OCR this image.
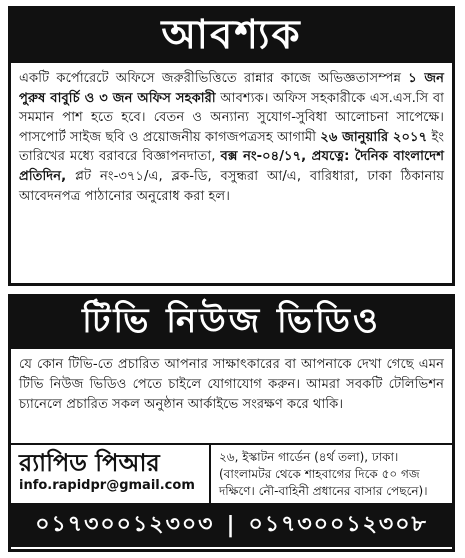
আবশ্যক
একটি কর্পোরেটে অফিসে জরুরীভিত্তিতে রান্নার কাজে অভিজ্ঞতাসম্পন্ন ১ জন পুরুষ বাবুর্চি ও ৩ জন অফিস সহকারী আবশ্যক। অফিস সহকারীকে এস.এস.সি বা সমমান পাশ হতে হবে। বেতন ও অন্যান্য সুযোগ-সুবিধা আলোচনা সাপেক্ষে। পাসপোর্ট সাইজ ছবি ও প্রয়োজনীয় কাগজপত্রসহ আগামী ২৬ জানুয়ারি ২০১৭ ইং তারিখের মধ্যে বরাবরে বিজ্ঞাপনদাতা, বক্স নং-০৪/১৭, প্রযত্নে: দৈনিক বাংলাদেশ প্রতিদিন, প্লট নং-৩৭১/এ, ব্লক-ডি, বসুন্ধরা আ/এ, বারিধারা, ঢাকা ঠিকানায় আবেদনপত্র পাঠানোর অনুরোধ করা হল।
টিভি নিউজ ভিডিও
যে কোন টিভি-তে প্রচারিত আপনার সাক্ষাৎকারের বা আপনাকে দেখা গেছে এমন টিভি নিউজ ভিডিও পেতে চাইলে যোগাযোগ করুন। আমরা সবকটি টেলিভিশন চ্যানেলে প্রচারিত সকল অনুষ্ঠান আর্কাইভে সংরক্ষণ করে থাকি।
র‍্যাপিড পিআর
info.rapidpr@gmail.com
২৬, ইস্কাটন গার্ডেন (৪র্থ তলা), ঢাকা। (বাংলামটর থেকে শাহবাগের দিকে ৫০ গজ দক্ষিণে। নৌ-বাহিনী প্রধানের বাসার পেছনে)।
০১৭৩০০১২৩০৩ | ০১৭৩০০১২৩০৮
